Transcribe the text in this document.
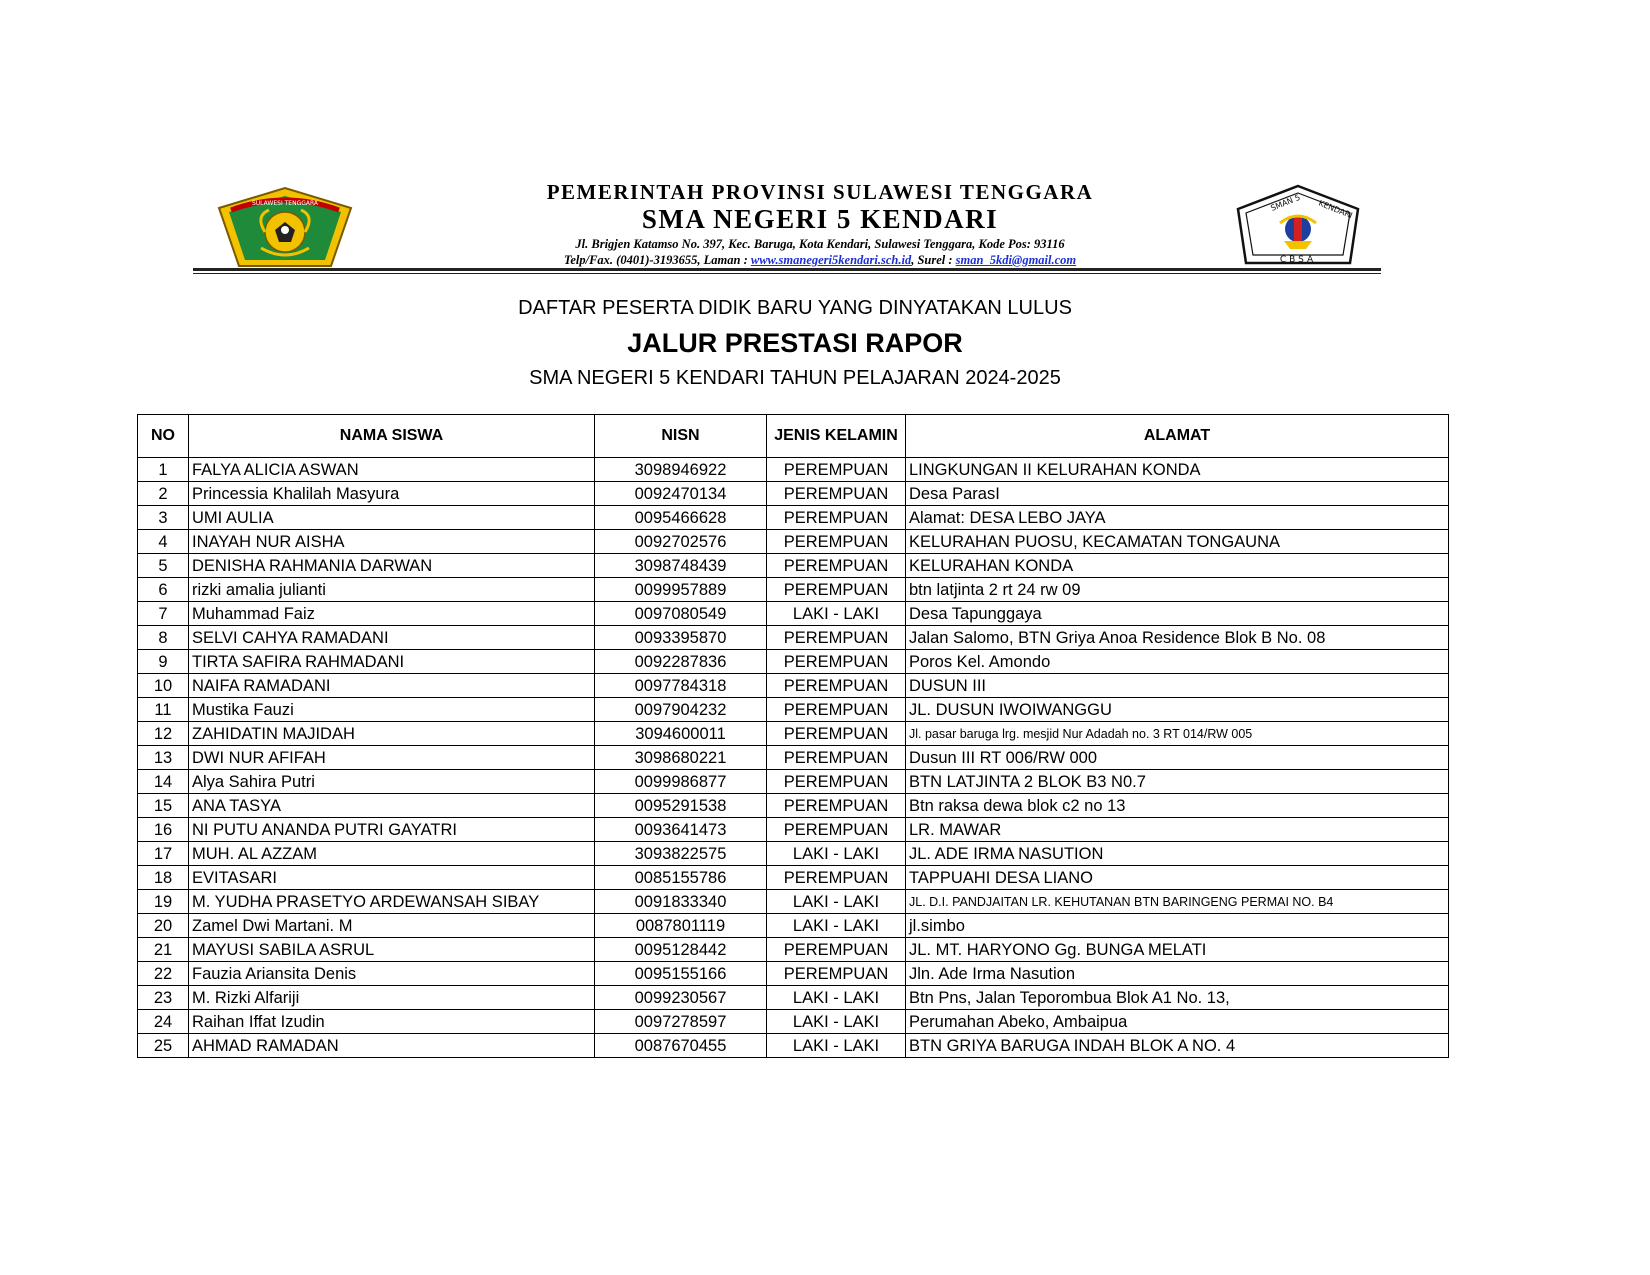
SULAWESI TENGGARA	PEMERINTAH PROVINSI SULAWESI TENGGARA
SMA NEGERI 5 KENDARI
Jl. Brigjen Katamso No. 397, Kec. Baruga, Kota Kendari, Sulawesi Tenggara, Kode Pos: 93116
Telp/Fax. (0401)-3193655, Laman : www.smanegeri5kendari.sch.id, Surel : sman_5kdi@gmail.com
SMAN 5 KENDARI
CBSA
DAFTAR PESERTA DIDIK BARU YANG DINYATAKAN LULUS
JALUR PRESTASI RAPOR
SMA NEGERI 5 KENDARI TAHUN PELAJARAN 2024-2025
NO	NAMA SISWA	NISN	JENIS KELAMIN	ALAMAT
1	FALYA ALICIA ASWAN	3098946922	PEREMPUAN	LINGKUNGAN II KELURAHAN KONDA
2	Princessia Khalilah Masyura	0092470134	PEREMPUAN	Desa ParasI
3	UMI AULIA	0095466628	PEREMPUAN	Alamat: DESA LEBO JAYA
4	INAYAH NUR AISHA	0092702576	PEREMPUAN	KELURAHAN PUOSU, KECAMATAN TONGAUNA
5	DENISHA RAHMANIA DARWAN	3098748439	PEREMPUAN	KELURAHAN KONDA
6	rizki amalia julianti	0099957889	PEREMPUAN	btn latjinta 2 rt 24 rw 09
7	Muhammad Faiz	0097080549	LAKI - LAKI	Desa Tapunggaya
8	SELVI CAHYA RAMADANI	0093395870	PEREMPUAN	Jalan Salomo, BTN Griya Anoa Residence Blok B No. 08
9	TIRTA SAFIRA RAHMADANI	0092287836	PEREMPUAN	Poros Kel. Amondo
10	NAIFA RAMADANI	0097784318	PEREMPUAN	DUSUN III
11	Mustika Fauzi	0097904232	PEREMPUAN	JL. DUSUN IWOIWANGGU
12	ZAHIDATIN MAJIDAH	3094600011	PEREMPUAN	Jl. pasar baruga lrg. mesjid Nur Adadah no. 3 RT 014/RW 005
13	DWI NUR AFIFAH	3098680221	PEREMPUAN	Dusun III RT 006/RW 000
14	Alya Sahira Putri	0099986877	PEREMPUAN	BTN LATJINTA 2 BLOK B3 N0.7
15	ANA TASYA	0095291538	PEREMPUAN	Btn raksa dewa blok c2 no 13
16	NI PUTU ANANDA PUTRI GAYATRI	0093641473	PEREMPUAN	LR. MAWAR
17	MUH. AL AZZAM	3093822575	LAKI - LAKI	JL. ADE IRMA NASUTION
18	EVITASARI	0085155786	PEREMPUAN	TAPPUAHI DESA LIANO
19	M. YUDHA PRASETYO ARDEWANSAH SIBAY	0091833340	LAKI - LAKI	JL. D.I. PANDJAITAN LR. KEHUTANAN BTN BARINGENG PERMAI NO. B4
20	Zamel Dwi Martani. M	0087801119	LAKI - LAKI	jl.simbo
21	MAYUSI SABILA ASRUL	0095128442	PEREMPUAN	JL. MT. HARYONO Gg. BUNGA MELATI
22	Fauzia Ariansita Denis	0095155166	PEREMPUAN	Jln. Ade Irma Nasution
23	M. Rizki Alfariji	0099230567	LAKI - LAKI	Btn Pns, Jalan Teporombua Blok A1 No. 13,
24	Raihan Iffat Izudin	0097278597	LAKI - LAKI	Perumahan Abeko, Ambaipua
25	AHMAD RAMADAN	0087670455	LAKI - LAKI	BTN GRIYA BARUGA INDAH BLOK A NO. 4
